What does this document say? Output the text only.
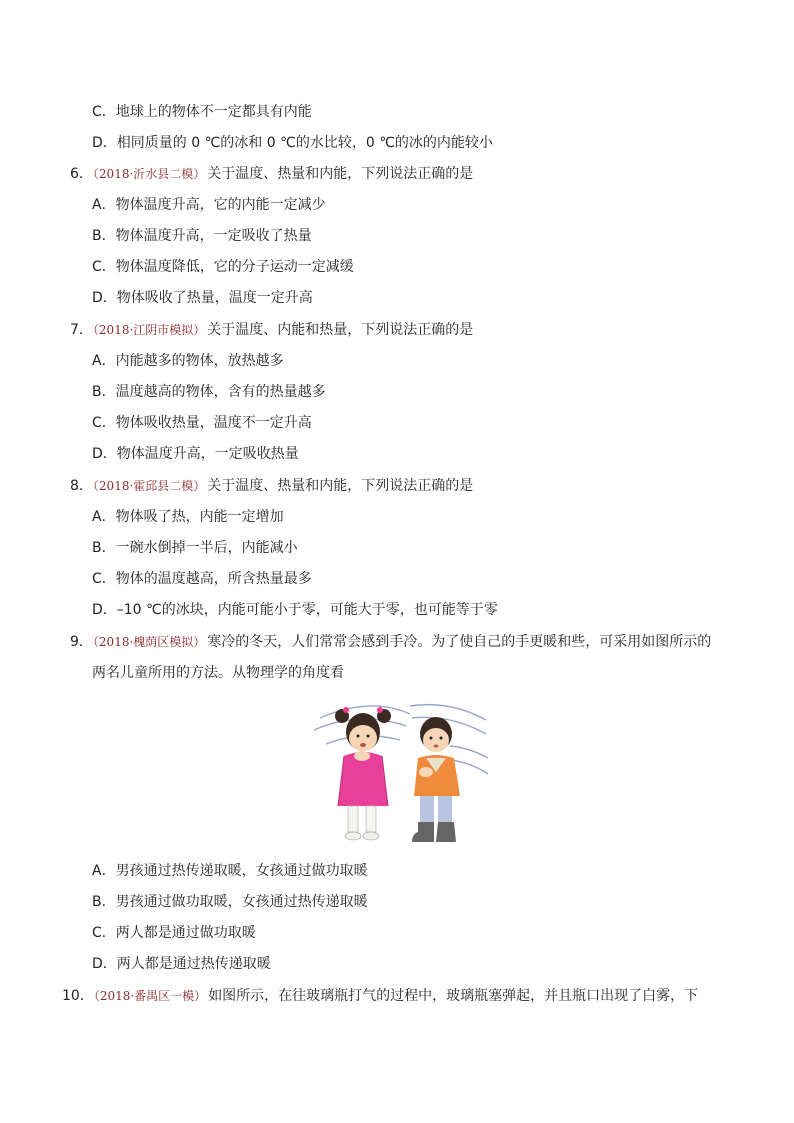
C．地球上的物体不一定都具有内能
D．相同质量的 0 ℃的冰和 0 ℃的水比较，0 ℃的冰的内能较小
6．（2018·沂水县二模） 关于温度、热量和内能，下列说法正确的是
A．物体温度升高，它的内能一定减少
B．物体温度升高，一定吸收了热量
C．物体温度降低，它的分子运动一定减缓
D．物体吸收了热量，温度一定升高
7．（2018·江阴市模拟） 关于温度、内能和热量，下列说法正确的是
A．内能越多的物体，放热越多
B．温度越高的物体，含有的热量越多
C．物体吸收热量，温度不一定升高
D．物体温度升高，一定吸收热量
8．（2018·霍邱县二模） 关于温度、热量和内能，下列说法正确的是
A．物体吸了热，内能一定增加
B．一碗水倒掉一半后，内能减小
C．物体的温度越高，所含热量最多
D．–10 ℃的冰块，内能可能小于零，可能大于零，也可能等于零
9．（2018·槐荫区模拟） 寒冷的冬天，人们常常会感到手冷。为了使自己的手更暖和些，可采用如图所示的
两名儿童所用的方法。从物理学的角度看
A．男孩通过热传递取暖，女孩通过做功取暖
B．男孩通过做功取暖，女孩通过热传递取暖
C．两人都是通过做功取暖
D．两人都是通过热传递取暖
10．（2018·番禺区一模） 如图所示，在往玻璃瓶打气的过程中，玻璃瓶塞弹起，并且瓶口出现了白雾，下
